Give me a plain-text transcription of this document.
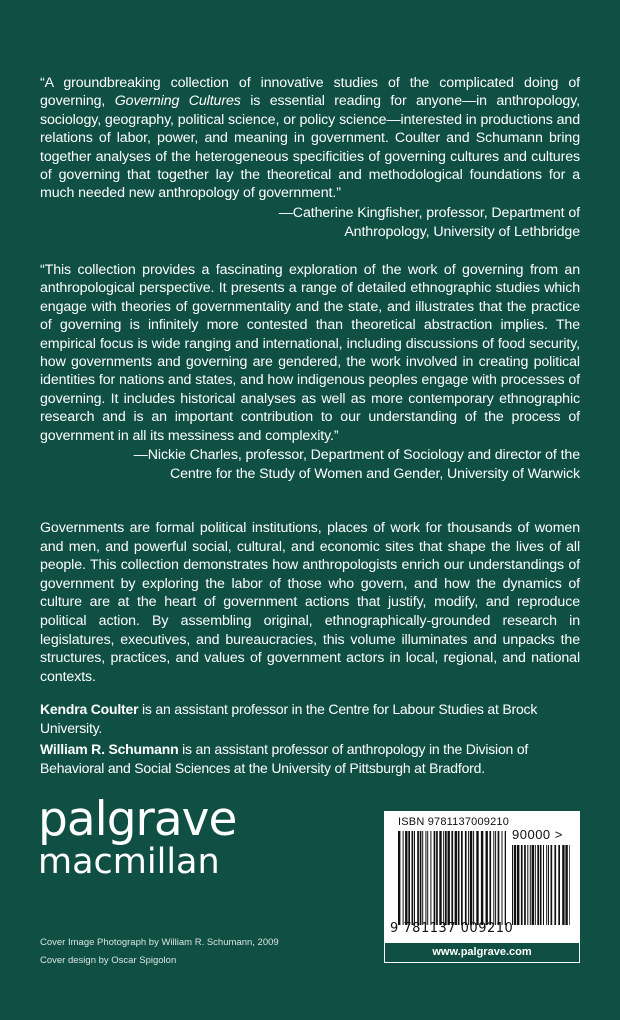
“A groundbreaking collection of innovative studies of the complicated doing of governing, Governing Cultures is essential reading for anyone—in anthropology, sociology, geography, political science, or policy science—interested in productions and relations of labor, power, and meaning in government. Coulter and Schumann bring together analyses of the heterogeneous specificities of governing cultures and cultures of governing that together lay the theoretical and methodological foundations for a much needed new anthropology of government.”
—Catherine Kingfisher, professor, Department of
Anthropology, University of Lethbridge
“This collection provides a fascinating exploration of the work of governing from an anthropological perspective. It presents a range of detailed ethnographic studies which engage with theories of governmentality and the state, and illustrates that the practice of governing is infinitely more contested than theoretical abstraction implies. The empirical focus is wide ranging and international, including discussions of food security, how governments and governing are gendered, the work involved in creating political identities for nations and states, and how indigenous peoples engage with processes of governing. It includes historical analyses as well as more contemporary ethnographic research and is an important contribution to our understanding of the process of government in all its messiness and complexity.”
—Nickie Charles, professor, Department of Sociology and director of the
Centre for the Study of Women and Gender, University of Warwick
Governments are formal political institutions, places of work for thousands of women and men, and powerful social, cultural, and economic sites that shape the lives of all people. This collection demonstrates how anthropologists enrich our understandings of government by exploring the labor of those who govern, and how the dynamics of culture are at the heart of government actions that justify, modify, and reproduce political action. By assembling original, ethnographically-grounded research in legislatures, executives, and bureaucracies, this volume illuminates and unpacks the structures, practices, and values of government actors in local, regional, and national contexts.
Kendra Coulter is an assistant professor in the Centre for Labour Studies at Brock University.
William R. Schumann is an assistant professor of anthropology in the Division of Behavioral and Social Sciences at the University of Pittsburgh at Bradford.
palgrave
macmillan
Cover Image Photograph by William R. Schumann, 2009
Cover design by Oscar Spigolon
ISBN 9781137009210
90000 >
9 781137 009210
www.palgrave.com
